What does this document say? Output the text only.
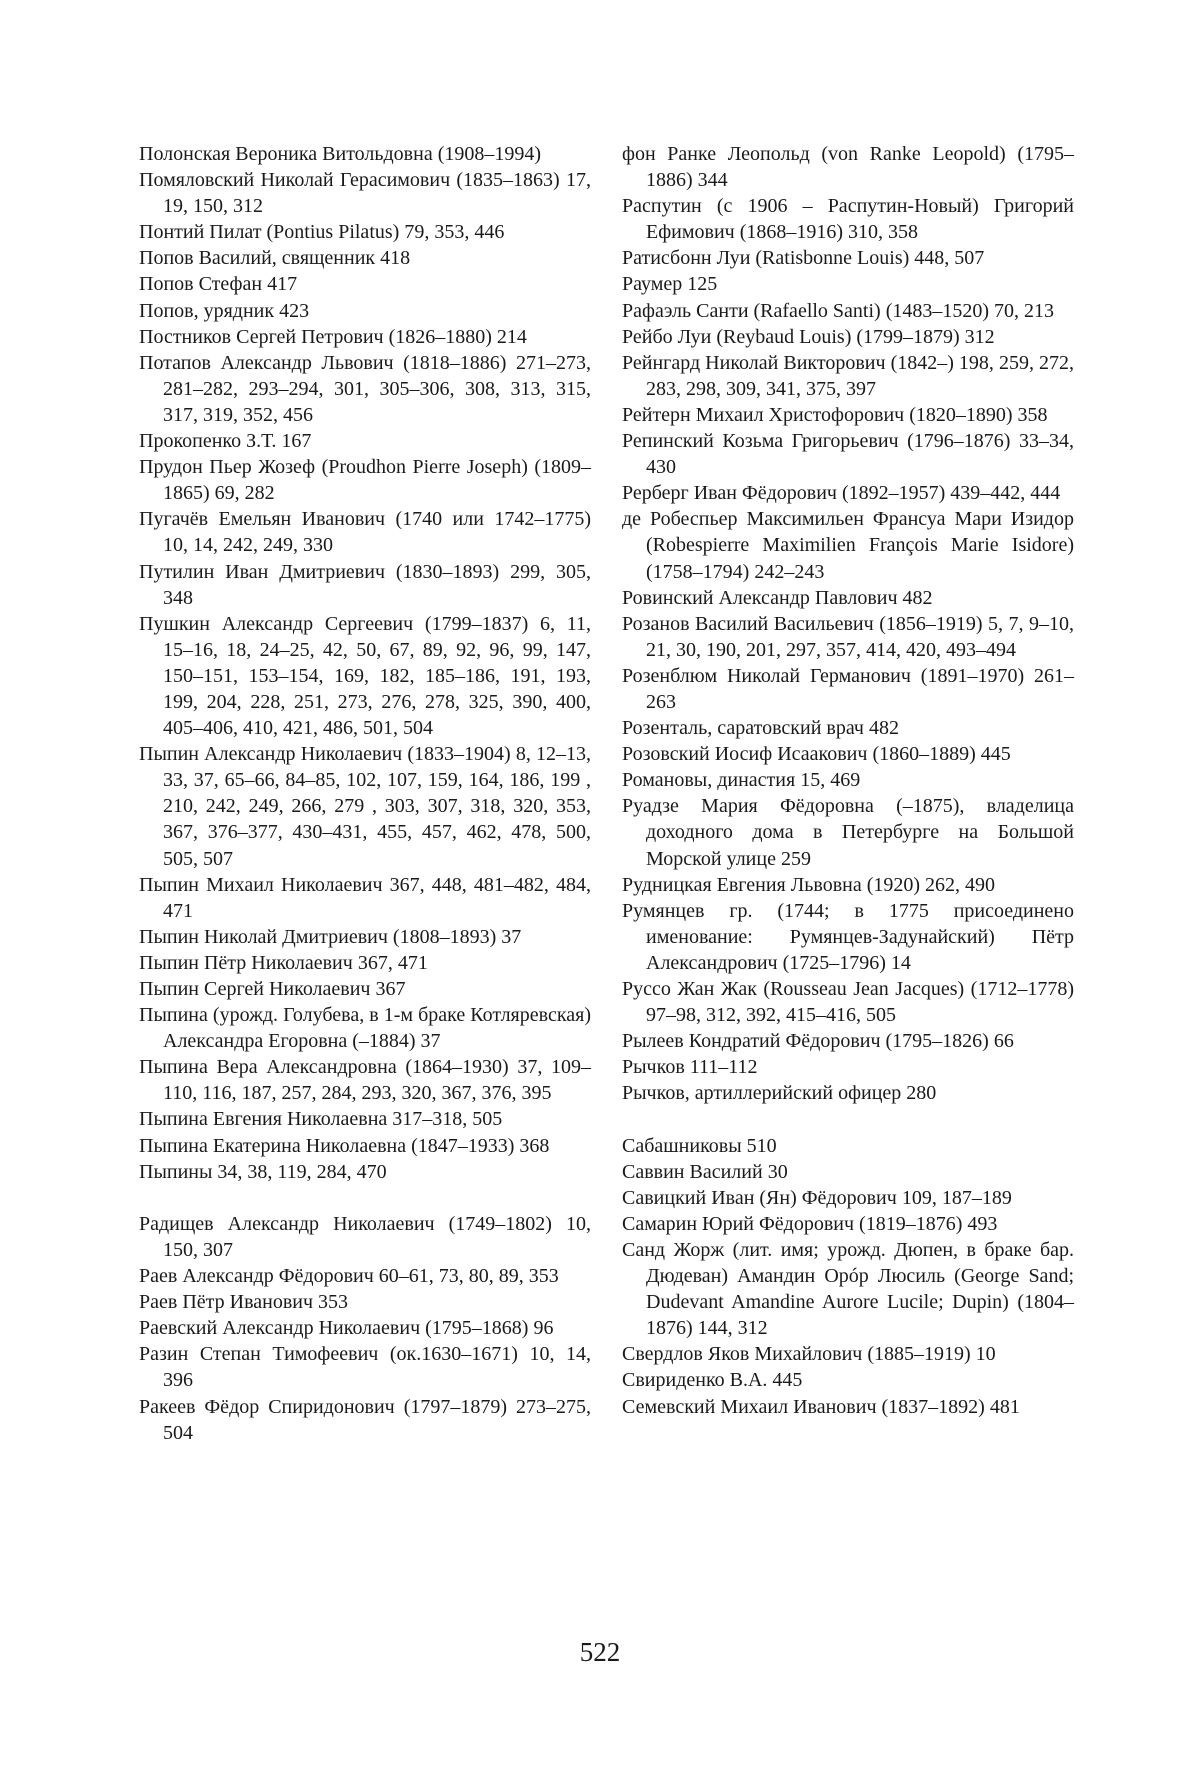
Полонская Вероника Витольдовна (1908–1994)

Помяловский Николай Герасимович (1835–1863) 17, 19, 150, 312

Понтий Пилат (Pontius Pilatus) 79, 353, 446

Попов Василий, священник 418

Попов Стефан 417

Попов, урядник 423

Постников Сергей Петрович (1826–1880) 214

Потапов Александр Львович (1818–1886) 271–273, 281–282, 293–294, 301, 305–306, 308, 313, 315, 317, 319, 352, 456

Прокопенко З.Т. 167

Прудон Пьер Жозеф (Proudhon Pierre Joseph) (1809–1865) 69, 282

Пугачёв Емельян Иванович (1740 или 1742–1775) 10, 14, 242, 249, 330

Путилин Иван Дмитриевич (1830–1893) 299, 305, 348

Пушкин Александр Сергеевич (1799–1837) 6, 11, 15–16, 18, 24–25, 42, 50, 67, 89, 92, 96, 99, 147, 150–151, 153–154, 169, 182, 185–186, 191, 193, 199, 204, 228, 251, 273, 276, 278, 325, 390, 400, 405–406, 410, 421, 486, 501, 504

Пыпин Александр Николаевич (1833–1904) 8, 12–13, 33, 37, 65–66, 84–85, 102, 107, 159, 164, 186, 199 , 210, 242, 249, 266, 279 , 303, 307, 318, 320, 353, 367, 376–377, 430–431, 455, 457, 462, 478, 500, 505, 507

Пыпин Михаил Николаевич 367, 448, 481–482, 484, 471

Пыпин Николай Дмитриевич (1808–1893) 37

Пыпин Пётр Николаевич 367, 471

Пыпин Сергей Николаевич 367

Пыпина (урожд. Голубева, в 1-м браке Котляревская) Александра Егоровна (–1884) 37

Пыпина Вера Александровна (1864–1930) 37, 109–110, 116, 187, 257, 284, 293, 320, 367, 376, 395

Пыпина Евгения Николаевна 317–318, 505

Пыпина Екатерина Николаевна (1847–1933) 368

Пыпины 34, 38, 119, 284, 470

Радищев Александр Николаевич (1749–1802) 10, 150, 307

Раев Александр Фёдорович 60–61, 73, 80, 89, 353

Раев Пётр Иванович 353

Раевский Александр Николаевич (1795–1868) 96

Разин Степан Тимофеевич (ок.1630–1671) 10, 14, 396

Ракеев Фёдор Спиридонович (1797–1879) 273–275, 504

фон Ранке Леопольд (von Ranke Leopold) (1795–1886) 344

Распутин (с 1906 – Распутин-Новый) Григорий Ефимович (1868–1916) 310, 358

Ратисбонн Луи (Ratisbonne Louis) 448, 507

Раумер 125

Рафаэль Санти (Rafaello Santi) (1483–1520) 70, 213

Рейбо Луи (Reybaud Louis) (1799–1879) 312

Рейнгард Николай Викторович (1842–) 198, 259, 272, 283, 298, 309, 341, 375, 397

Рейтерн Михаил Христофорович (1820–1890) 358

Репинский Козьма Григорьевич (1796–1876) 33–34, 430

Рерберг Иван Фёдорович (1892–1957) 439–442, 444

де Робеспьер Максимильен Франсуа Мари Изидор (Robespierre Maximilien François Marie Isidore) (1758–1794) 242–243

Ровинский Александр Павлович 482

Розанов Василий Васильевич (1856–1919) 5, 7, 9–10, 21, 30, 190, 201, 297, 357, 414, 420, 493–494

Розенблюм Николай Германович (1891–1970) 261–263

Розенталь, саратовский врач 482

Розовский Иосиф Исаакович (1860–1889) 445

Романовы, династия 15, 469

Руадзе Мария Фёдоровна (–1875), владелица доходного дома в Петербурге на Большой Морской улице 259

Рудницкая Евгения Львовна (1920) 262, 490

Румянцев гр. (1744; в 1775 присоединено именование: Румянцев-Задунайский) Пётр Александрович (1725–1796) 14

Руссо Жан Жак (Rousseau Jean Jacques) (1712–1778) 97–98, 312, 392, 415–416, 505

Рылеев Кондратий Фёдорович (1795–1826) 66

Рычков 111–112

Рычков, артиллерийский офицер 280

Сабашниковы 510

Саввин Василий 30

Савицкий Иван (Ян) Фёдорович 109, 187–189

Самарин Юрий Фёдорович (1819–1876) 493

Санд Жорж (лит. имя; урожд. Дюпен, в браке бар. Дюдеван) Амандин Орóр Люсиль (George Sand; Dudevant Amandine Aurore Lucile; Dupin) (1804–1876) 144, 312

Свердлов Яков Михайлович (1885–1919) 10

Свириденко В.А. 445

Семевский Михаил Иванович (1837–1892) 481

522
